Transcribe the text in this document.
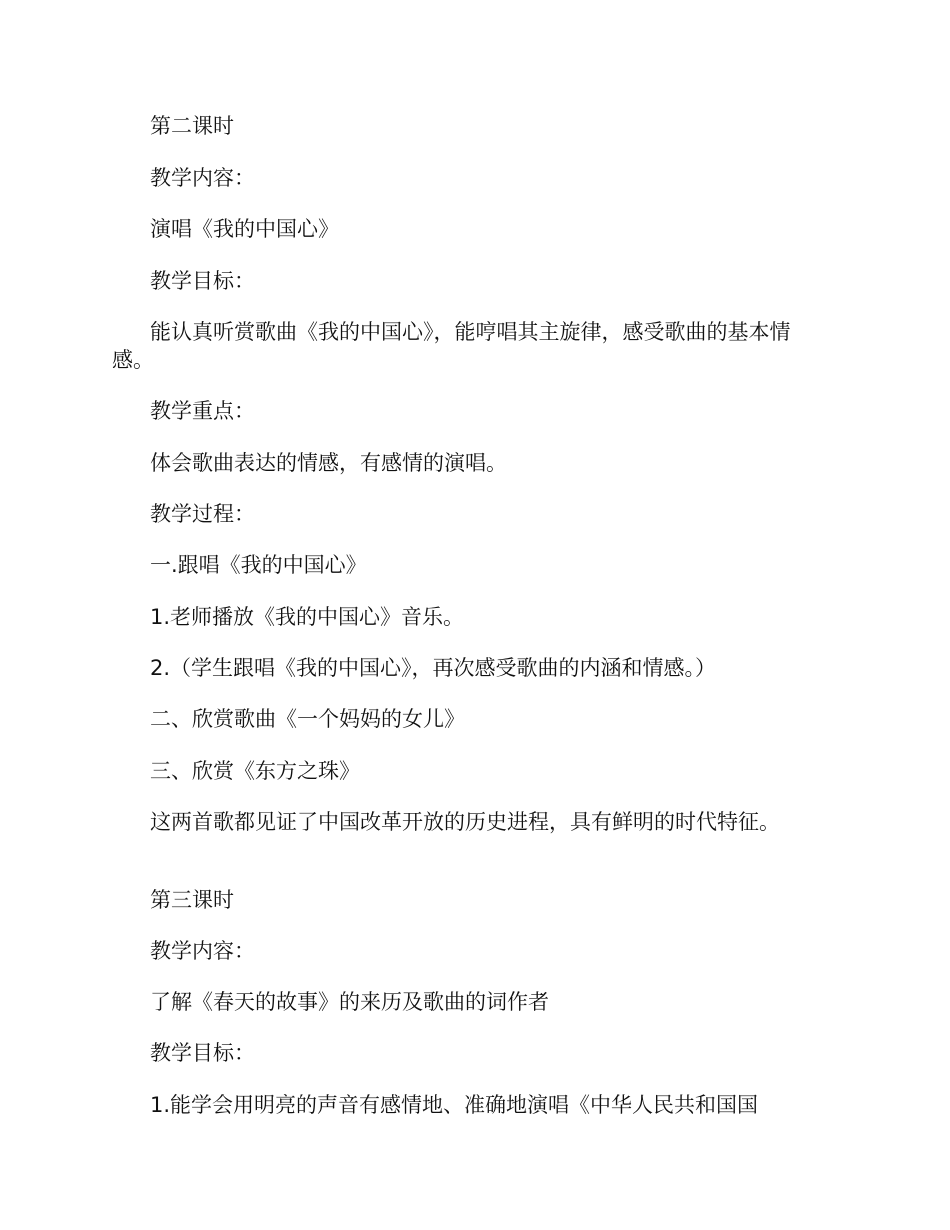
第二课时
教学内容：
演唱《我的中国心》
教学目标：
能认真听赏歌曲《我的中国心》，能哼唱其主旋律，感受歌曲的基本情感。
教学重点：
体会歌曲表达的情感，有感情的演唱。
教学过程：
一.跟唱《我的中国心》
1.老师播放《我的中国心》音乐。
2.（学生跟唱《我的中国心》，再次感受歌曲的内涵和情感。）
二、欣赏歌曲《一个妈妈的女儿》
三、欣赏《东方之珠》
这两首歌都见证了中国改革开放的历史进程，具有鲜明的时代特征。
第三课时
教学内容：
了解《春天的故事》的来历及歌曲的词作者
教学目标：
1.能学会用明亮的声音有感情地、准确地演唱《中华人民共和国国
